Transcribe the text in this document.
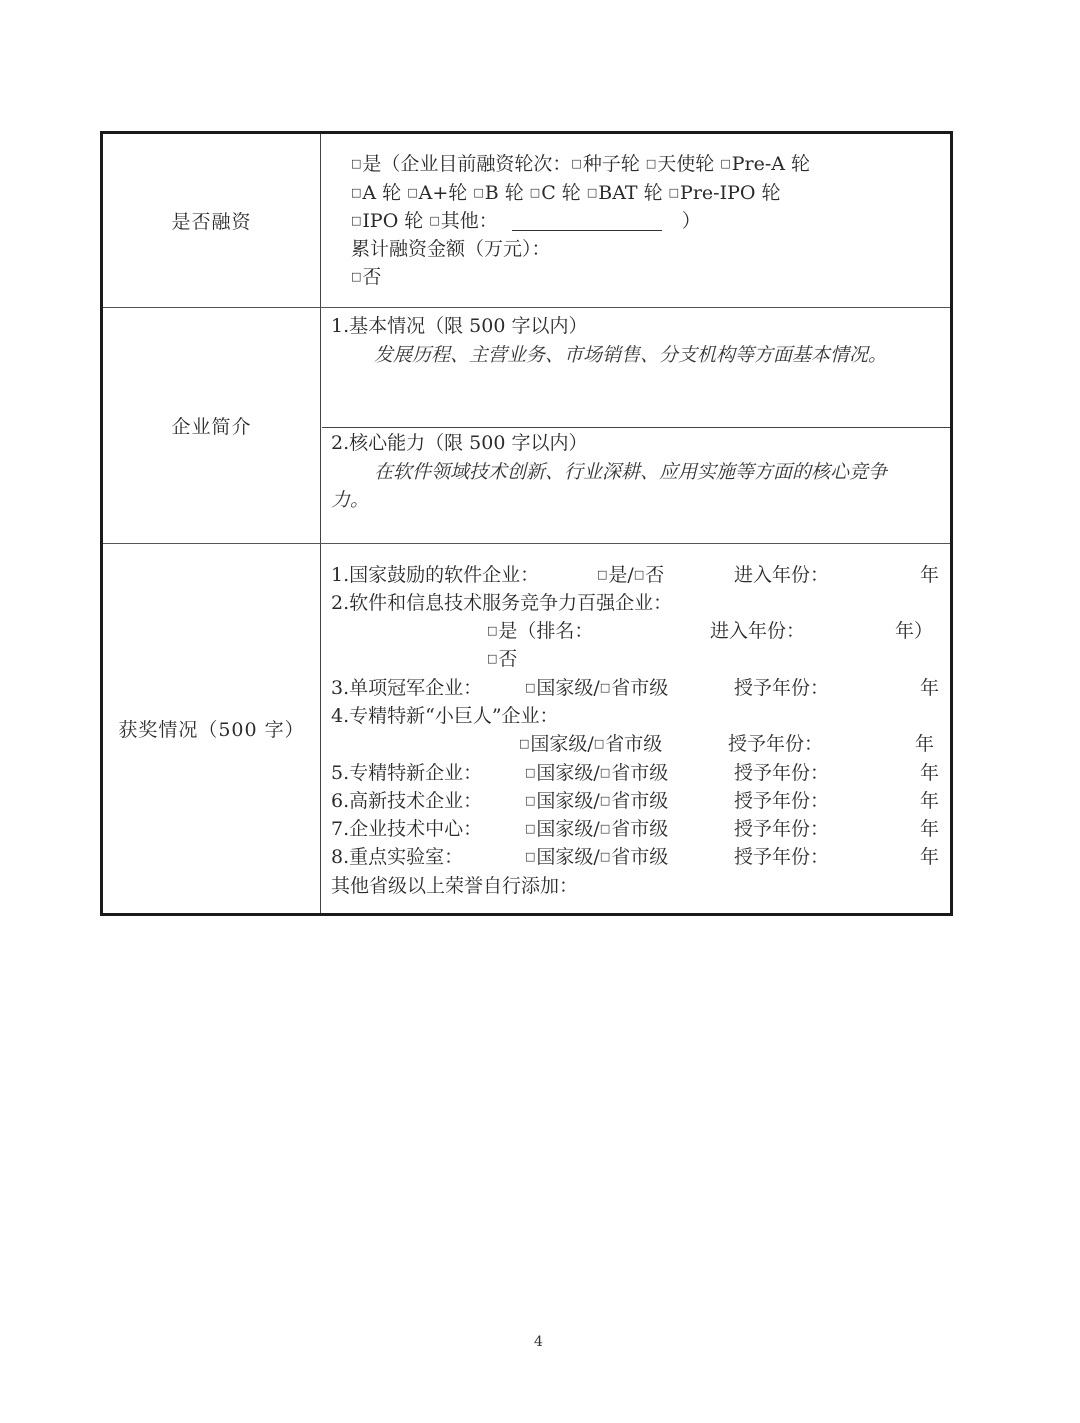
是否融资
□是（企业目前融资轮次：□种子轮 □天使轮 □Pre-A 轮
□A 轮 □A+轮 □B 轮 □C 轮 □BAT 轮 □Pre-IPO 轮
□IPO 轮 □其他：	）
累计融资金额（万元）：
□否
企业简介
1.基本情况（限 500 字以内）
发展历程、主营业务、市场销售、分支机构等方面基本情况。
2.核心能力（限 500 字以内）
在软件领域技术创新、行业深耕、应用实施等方面的核心竞争
力。
获奖情况（500 字）
1.国家鼓励的软件企业：	□是/□否	进入年份：	年
2.软件和信息技术服务竞争力百强企业：
□是（排名：	进入年份：	年）
□否
3.单项冠军企业：	□国家级/□省市级	授予年份：	年
4.专精特新“小巨人”企业：
□国家级/□省市级	授予年份：	年
5.专精特新企业：	□国家级/□省市级	授予年份：	年
6.高新技术企业：	□国家级/□省市级	授予年份：	年
7.企业技术中心：	□国家级/□省市级	授予年份：	年
8.重点实验室：	□国家级/□省市级	授予年份：	年
其他省级以上荣誉自行添加：
4
